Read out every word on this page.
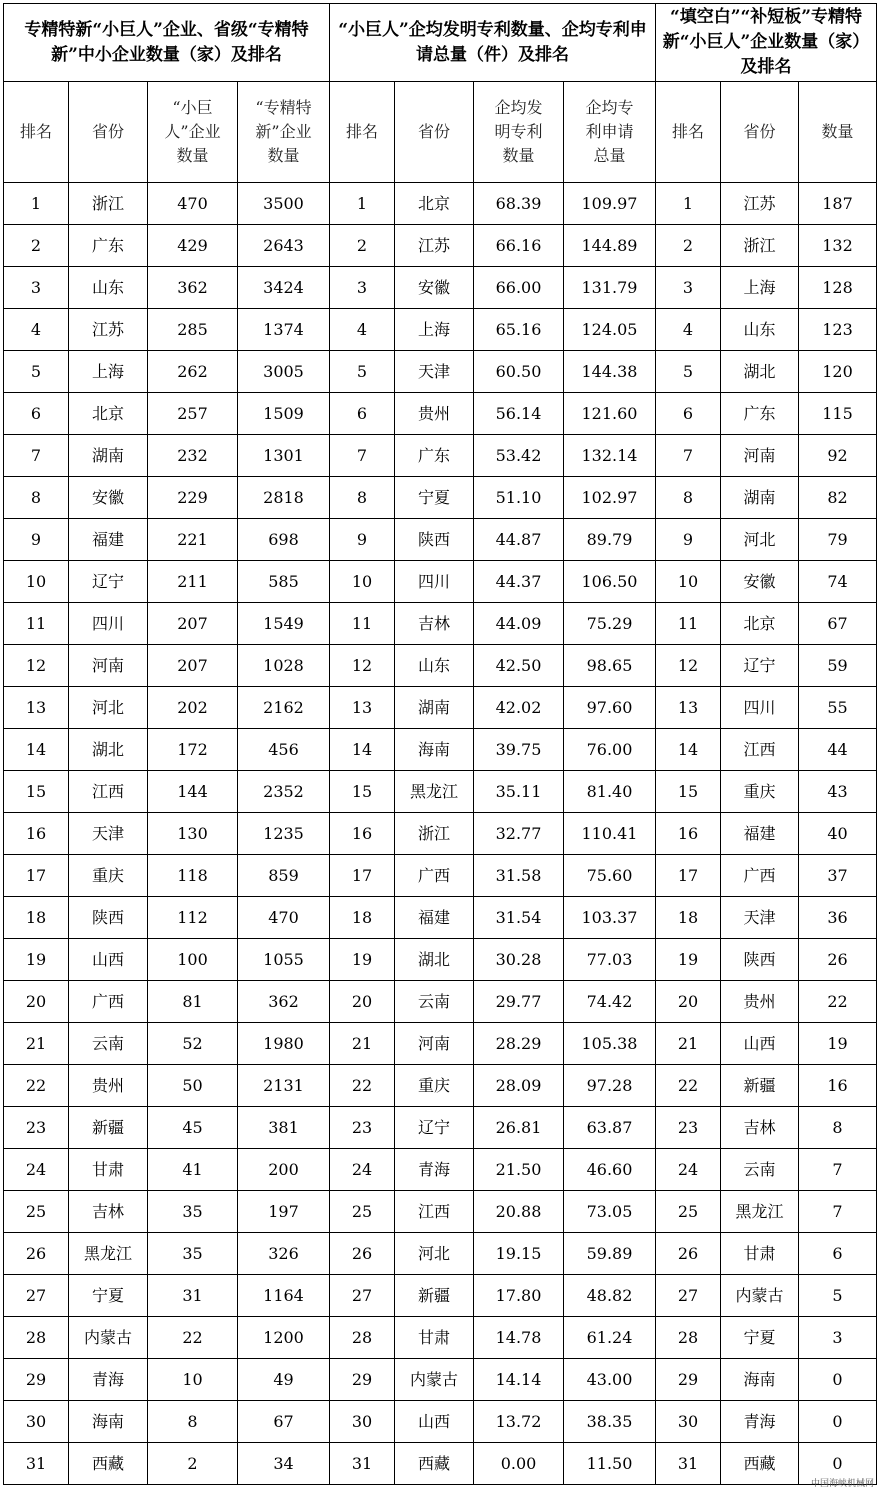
专精特新“小巨人”企业、省级“专精特新”中小企业数量（家）及排名				“小巨人”企均发明专利数量、企均专利申请总量（件）及排名				“填空白”“补短板”专精特新“小巨人”企业数量（家）及排名		
排名	省份	“小巨人”企业数量	“专精特新”企业数量	排名	省份	企均发明专利数量	企均专利申请总量	排名	省份	数量
1	浙江	470	3500	1	北京	68.39	109.97	1	江苏	187
2	广东	429	2643	2	江苏	66.16	144.89	2	浙江	132
3	山东	362	3424	3	安徽	66.00	131.79	3	上海	128
4	江苏	285	1374	4	上海	65.16	124.05	4	山东	123
5	上海	262	3005	5	天津	60.50	144.38	5	湖北	120
6	北京	257	1509	6	贵州	56.14	121.60	6	广东	115
7	湖南	232	1301	7	广东	53.42	132.14	7	河南	92
8	安徽	229	2818	8	宁夏	51.10	102.97	8	湖南	82
9	福建	221	698	9	陕西	44.87	89.79	9	河北	79
10	辽宁	211	585	10	四川	44.37	106.50	10	安徽	74
11	四川	207	1549	11	吉林	44.09	75.29	11	北京	67
12	河南	207	1028	12	山东	42.50	98.65	12	辽宁	59
13	河北	202	2162	13	湖南	42.02	97.60	13	四川	55
14	湖北	172	456	14	海南	39.75	76.00	14	江西	44
15	江西	144	2352	15	黑龙江	35.11	81.40	15	重庆	43
16	天津	130	1235	16	浙江	32.77	110.41	16	福建	40
17	重庆	118	859	17	广西	31.58	75.60	17	广西	37
18	陕西	112	470	18	福建	31.54	103.37	18	天津	36
19	山西	100	1055	19	湖北	30.28	77.03	19	陕西	26
20	广西	81	362	20	云南	29.77	74.42	20	贵州	22
21	云南	52	1980	21	河南	28.29	105.38	21	山西	19
22	贵州	50	2131	22	重庆	28.09	97.28	22	新疆	16
23	新疆	45	381	23	辽宁	26.81	63.87	23	吉林	8
24	甘肃	41	200	24	青海	21.50	46.60	24	云南	7
25	吉林	35	197	25	江西	20.88	73.05	25	黑龙江	7
26	黑龙江	35	326	26	河北	19.15	59.89	26	甘肃	6
27	宁夏	31	1164	27	新疆	17.80	48.82	27	内蒙古	5
28	内蒙古	22	1200	28	甘肃	14.78	61.24	28	宁夏	3
29	青海	10	49	29	内蒙古	14.14	43.00	29	海南	0
30	海南	8	67	30	山西	13.72	38.35	30	青海	0
31	西藏	2	34	31	西藏	0.00	11.50	31	西藏	0
中国海峡机械网
